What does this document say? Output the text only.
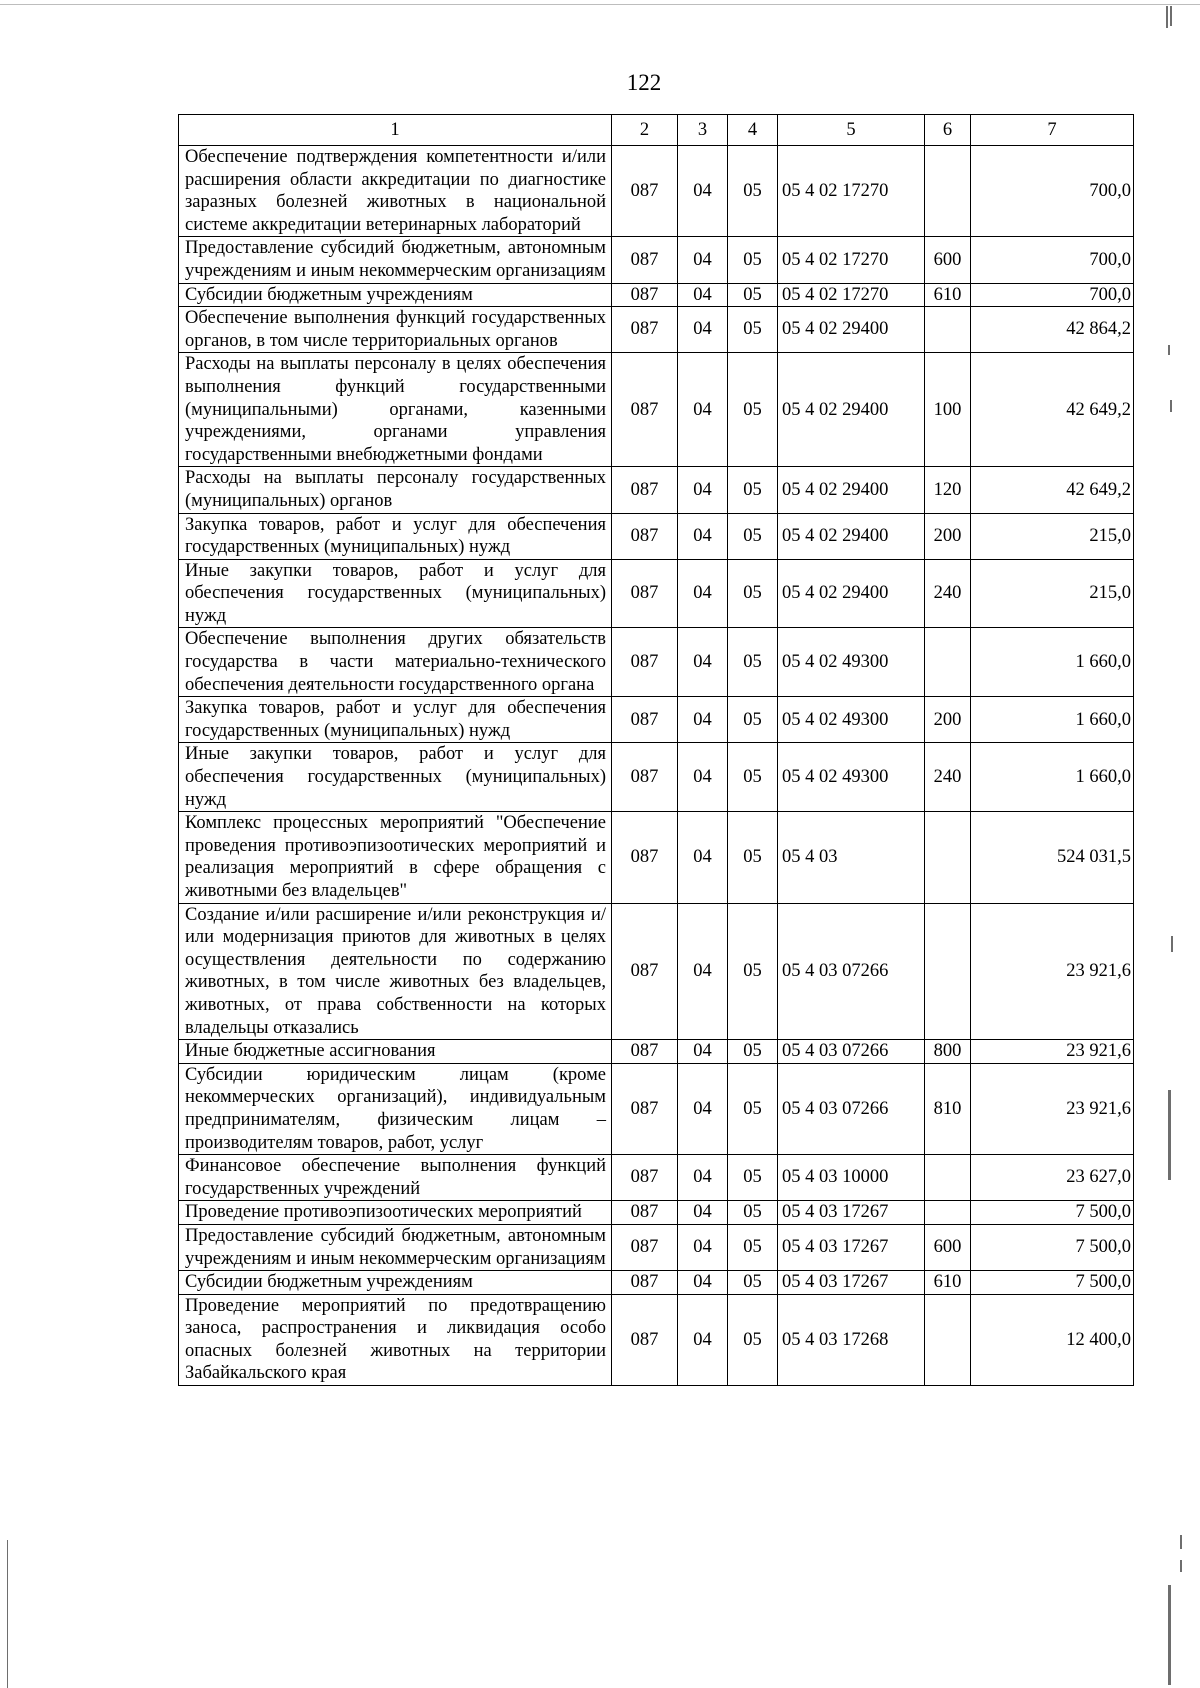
122
1	2	3	4	5	6	7
Обеспечение подтверждения компетентности и/или расширения области аккредитации по диагностике заразных болезней животных в национальной системе аккредитации ветеринарных лабораторий	087	04	05	05 4 02 17270		700,0
Предоставление субсидий бюджетным, автономным учреждениям и иным некоммерческим организациям	087	04	05	05 4 02 17270	600	700,0
Субсидии бюджетным учреждениям	087	04	05	05 4 02 17270	610	700,0
Обеспечение выполнения функций государственных органов, в том числе территориальных органов	087	04	05	05 4 02 29400		42 864,2
Расходы на выплаты персоналу в целях обеспечения выполнения функций государственными (муниципальными) органами, казенными учреждениями, органами управления государственными внебюджетными фондами	087	04	05	05 4 02 29400	100	42 649,2
Расходы на выплаты персоналу государственных (муниципальных) органов	087	04	05	05 4 02 29400	120	42 649,2
Закупка товаров, работ и услуг для обеспечения государственных (муниципальных) нужд	087	04	05	05 4 02 29400	200	215,0
Иные закупки товаров, работ и услуг для обеспечения государственных (муниципальных) нужд	087	04	05	05 4 02 29400	240	215,0
Обеспечение выполнения других обязательств государства в части материально-технического обеспечения деятельности государственного органа	087	04	05	05 4 02 49300		1 660,0
Закупка товаров, работ и услуг для обеспечения государственных (муниципальных) нужд	087	04	05	05 4 02 49300	200	1 660,0
Иные закупки товаров, работ и услуг для обеспечения государственных (муниципальных) нужд	087	04	05	05 4 02 49300	240	1 660,0
Комплекс процессных мероприятий "Обеспечение проведения противоэпизоотических мероприятий и реализация мероприятий в сфере обращения с животными без владельцев"	087	04	05	05 4 03		524 031,5
Создание и/или расширение и/или реконструкция и/или модернизация приютов для животных в целях осуществления деятельности по содержанию животных, в том числе животных без владельцев, животных, от права собственности на которых владельцы отказались	087	04	05	05 4 03 07266		23 921,6
Иные бюджетные ассигнования	087	04	05	05 4 03 07266	800	23 921,6
Субсидии юридическим лицам (кроме некоммерческих организаций), индивидуальным предпринимателям, физическим лицам – производителям товаров, работ, услуг	087	04	05	05 4 03 07266	810	23 921,6
Финансовое обеспечение выполнения функций государственных учреждений	087	04	05	05 4 03 10000		23 627,0
Проведение противоэпизоотических мероприятий	087	04	05	05 4 03 17267		7 500,0
Предоставление субсидий бюджетным, автономным учреждениям и иным некоммерческим организациям	087	04	05	05 4 03 17267	600	7 500,0
Субсидии бюджетным учреждениям	087	04	05	05 4 03 17267	610	7 500,0
Проведение мероприятий по предотвращению заноса, распространения и ликвидация особо опасных болезней животных на территории Забайкальского края	087	04	05	05 4 03 17268		12 400,0
